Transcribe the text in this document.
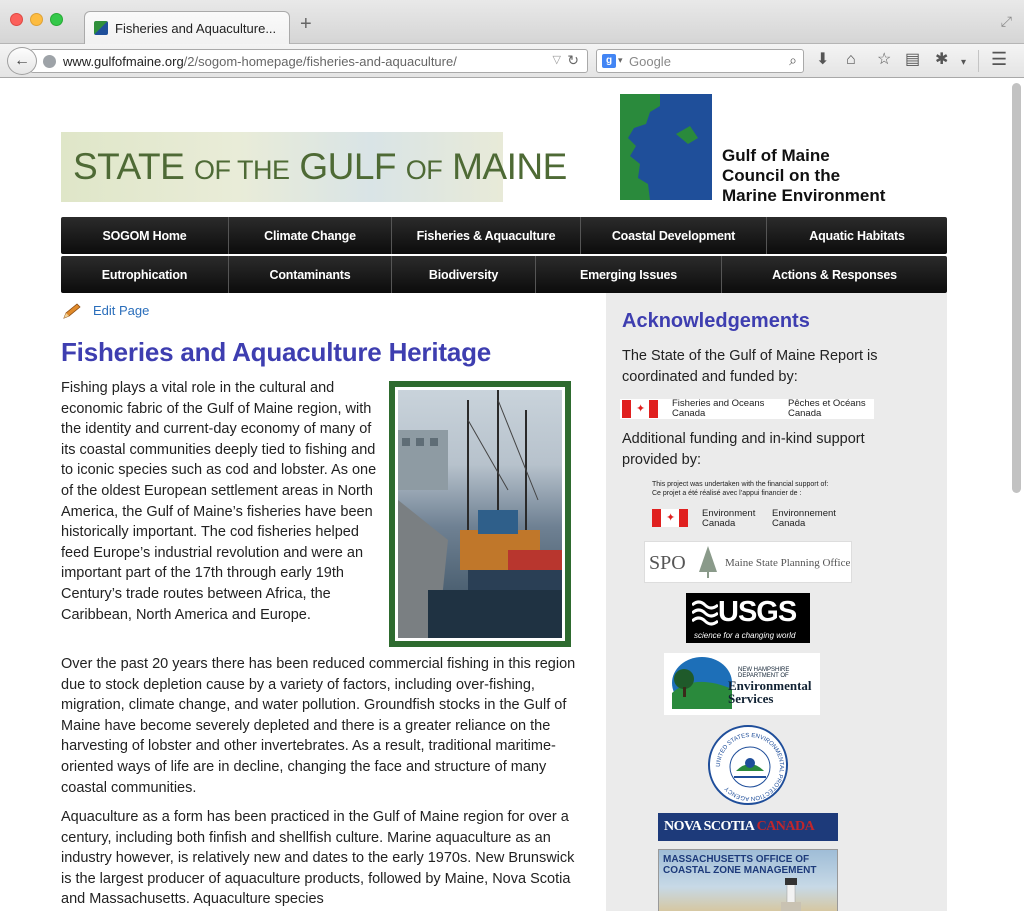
Fisheries and Aquaculture... +	⤢
www.gulfofmaine.org/2/sogom-homepage/fisheries-and-aquaculture/	▽ ↻
←	g ▾ Google	⌕ ⬇ ⌂ ☆ ▤ ✱ ▾ ☰
STATE OF THE GULF OF MAINE	Gulf of Maine
Council on the
Marine Environment
SOGOM Home	Climate Change	Fisheries & Aquaculture	Coastal Development	Aquatic Habitats
Eutrophication	Contaminants	Biodiversity	Emerging Issues	Actions & Responses
Edit Page
Fisheries and Aquaculture Heritage

Fishing plays a vital role in the cultural and economic fabric of the Gulf of Maine region, with the identity and current-day economy of many of its coastal communities deeply tied to fishing and to iconic species such as cod and lobster. As one of the oldest European settlement areas in North America, the Gulf of Maine’s fisheries have been historically important. The cod fisheries helped feed Europe’s industrial revolution and were an important part of the 17th through early 19th Century’s trade routes between Africa, the Caribbean, North America and Europe.

Over the past 20 years there has been reduced commercial fishing in this region due to stock depletion cause by a variety of factors, including over-fishing, migration, climate change, and water pollution. Groundfish stocks in the Gulf of Maine have become severely depleted and there is a greater reliance on the harvesting of lobster and other invertebrates. As a result, traditional maritime-oriented ways of life are in decline, changing the face and structure of many coastal communities.

Aquaculture as a form has been practiced in the Gulf of Maine region for over a century, including both finfish and shellfish culture. Marine aquaculture as an industry however, is relatively new and dates to the early 1970s. New Brunswick is the largest producer of aquaculture products, followed by Maine, Nova Scotia and Massachusetts. Aquaculture species

Acknowledgements

The State of the Gulf of Maine Report is coordinated and funded by:

✦	Fisheries and Oceans
Canada
Pêches et Océans
Canada

Additional funding and in-kind support provided by:

This project was undertaken with the financial support of:
Ce projet a été réalisé avec l’appui financier de :
✦	Environment
Canada
Environnement
Canada
SPO	Maine State Planning Office
USGS
science for a changing world
NEW HAMPSHIRE
DEPARTMENT OF
Environmental
Services
UNITED STATES ENVIRONMENTAL PROTECTION AGENCY
NOVA SCOTIA CANADA
MASSACHUSETTS OFFICE OF
COASTAL ZONE MANAGEMENT
